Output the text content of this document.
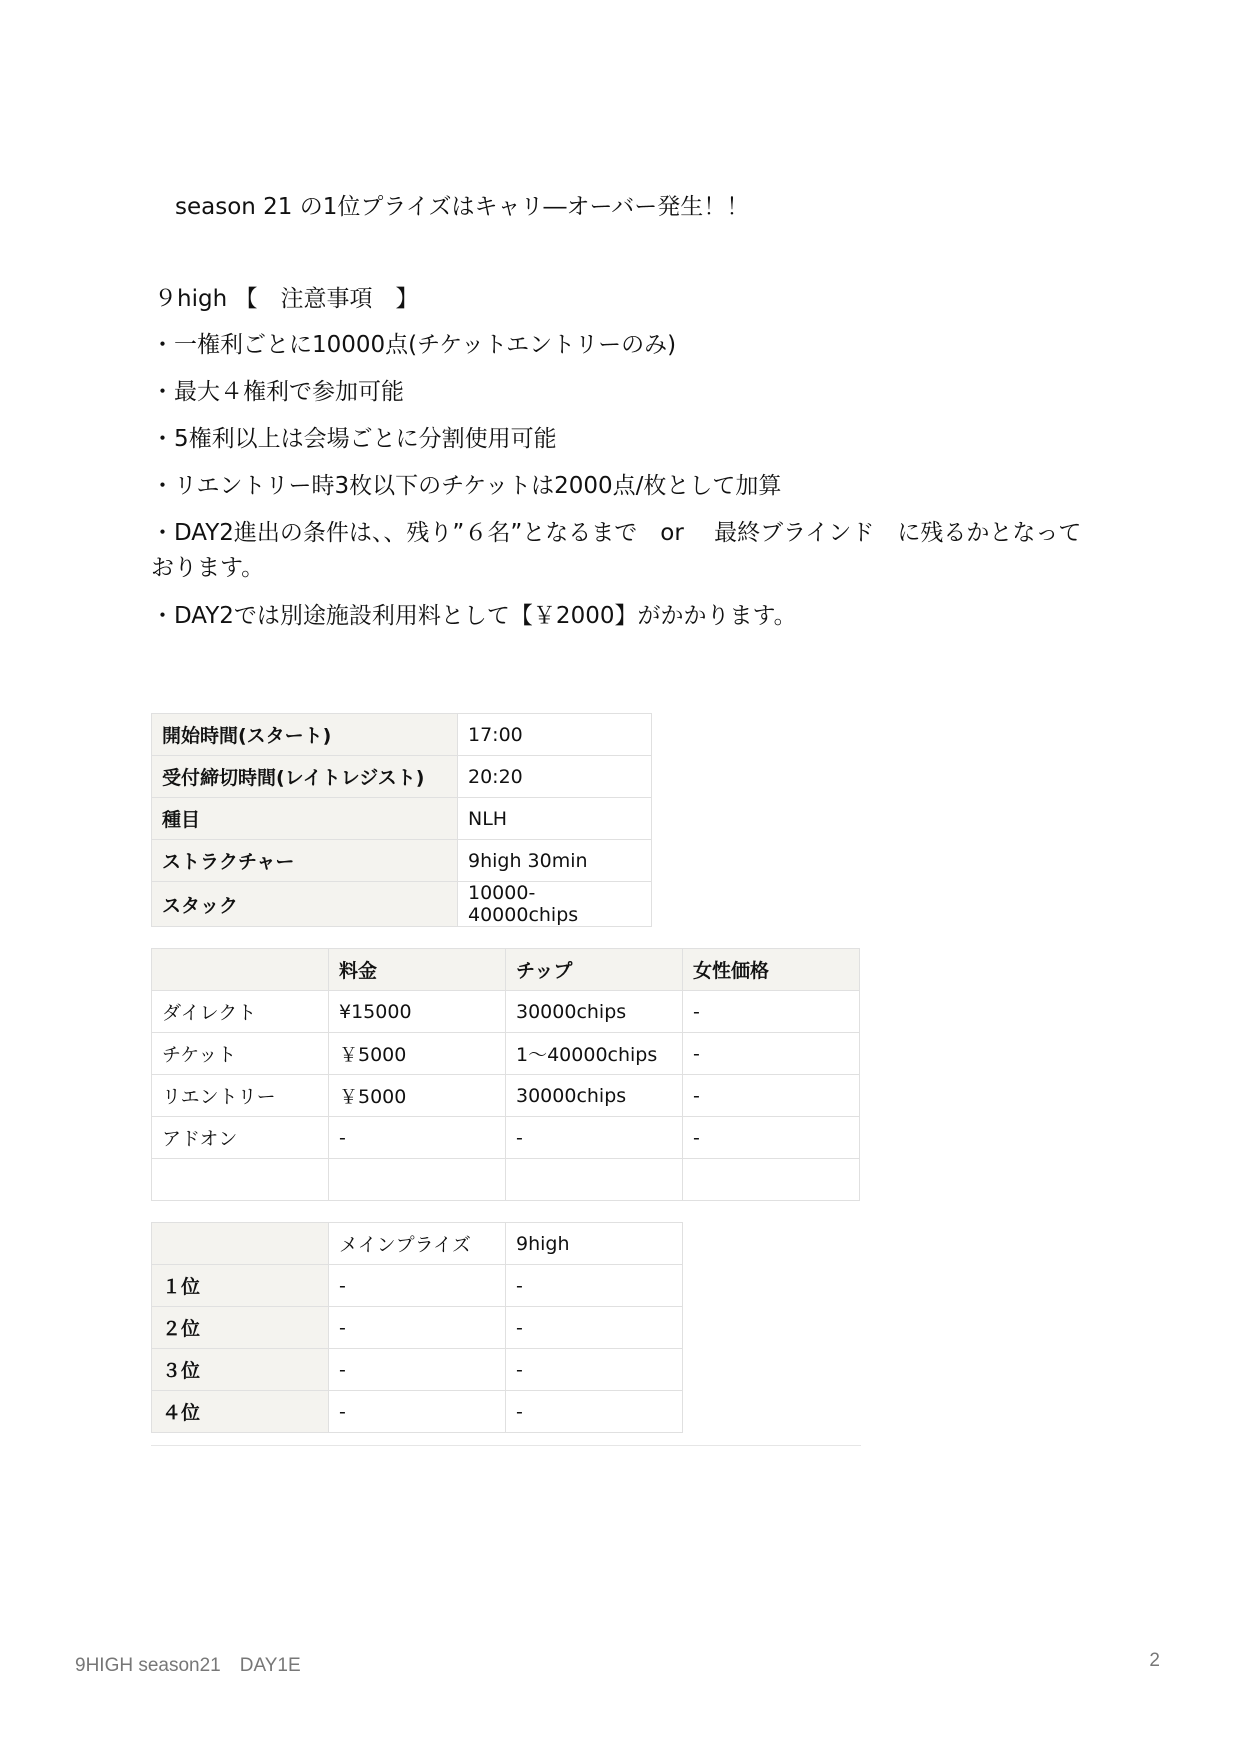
season 21 の1位プライズはキャリ―オーバー発生！！
９high 【　注意事項　】
・一権利ごとに10000点(チケットエントリーのみ)
・最大４権利で参加可能
・5権利以上は会場ごとに分割使用可能
・リエントリー時3枚以下のチケットは2000点/枚として加算
・DAY2進出の条件は、、残り”６名”となるまで　or　 最終ブラインド　に残るかとなっております。
・DAY2では別途施設利用料として【￥2000】がかかります。
開始時間(スタート)	17:00
受付締切時間(レイトレジスト)	20:20
種目	NLH
ストラクチャー	9high 30min
スタック	10000-40000chips
	料金	チップ	女性価格
ダイレクト	¥15000	30000chips	-
チケット	￥5000	1〜40000chips	-
リエントリー	￥5000	30000chips	-
アドオン	-	-	-

	メインプライズ	9high
１位	-	-
２位	-	-
３位	-	-
４位	-	-
9HIGH season21　DAY1E	2
